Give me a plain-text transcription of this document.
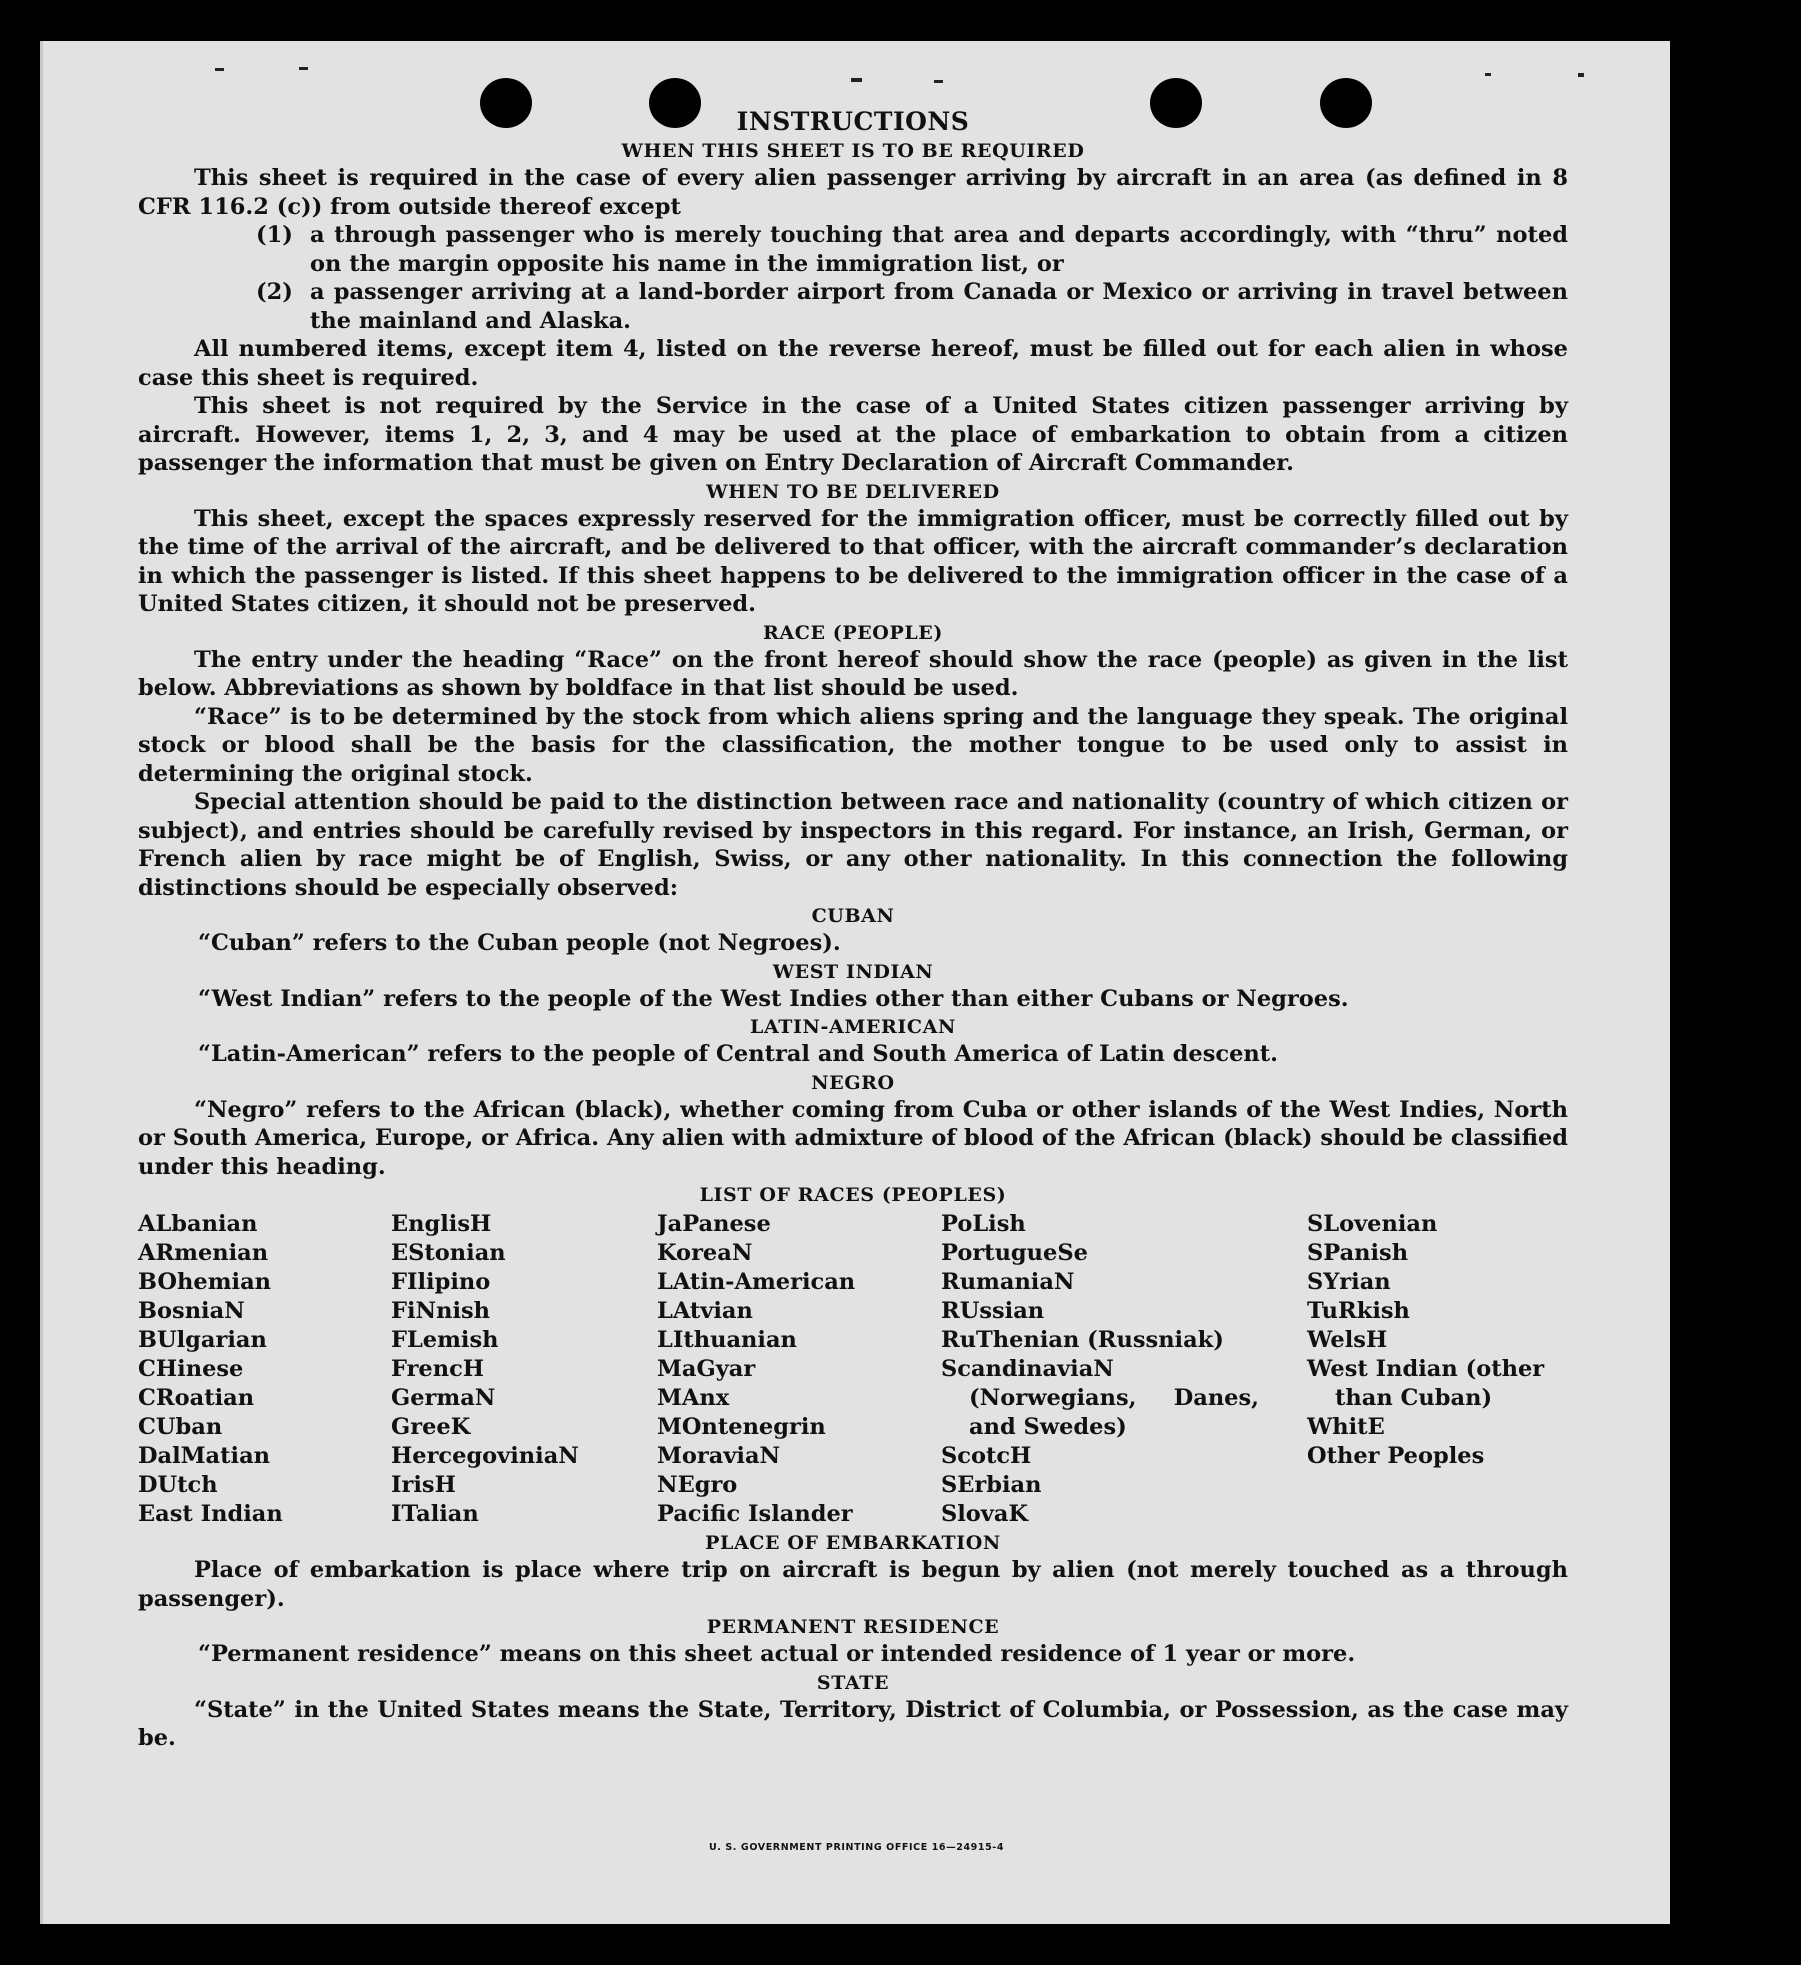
INSTRUCTIONS

WHEN THIS SHEET IS TO BE REQUIRED

This sheet is required in the case of every alien passenger arriving by aircraft in an area (as defined in 8 CFR 116.2 (c)) from outside thereof except

(1) a through passenger who is merely touching that area and departs accordingly, with “thru” noted on the margin opposite his name in the immigration list, or

(2) a passenger arriving at a land-border airport from Canada or Mexico or arriving in travel between the mainland and Alaska.

All numbered items, except item 4, listed on the reverse hereof, must be filled out for each alien in whose case this sheet is required.

This sheet is not required by the Service in the case of a United States citizen passenger arriving by aircraft. However, items 1, 2, 3, and 4 may be used at the place of embarkation to obtain from a citizen passenger the information that must be given on Entry Declaration of Aircraft Commander.

WHEN TO BE DELIVERED

This sheet, except the spaces expressly reserved for the immigration officer, must be correctly filled out by the time of the arrival of the aircraft, and be delivered to that officer, with the aircraft commander’s declaration in which the passenger is listed. If this sheet happens to be delivered to the immigration officer in the case of a United States citizen, it should not be preserved.

RACE (PEOPLE)

The entry under the heading “Race” on the front hereof should show the race (people) as given in the list below. Abbreviations as shown by boldface in that list should be used.

“Race” is to be determined by the stock from which aliens spring and the language they speak. The original stock or blood shall be the basis for the classification, the mother tongue to be used only to assist in determining the original stock.

Special attention should be paid to the distinction between race and nationality (country of which citizen or subject), and entries should be carefully revised by inspectors in this regard. For instance, an Irish, German, or French alien by race might be of English, Swiss, or any other nationality. In this connection the following distinctions should be especially observed:

CUBAN

“Cuban” refers to the Cuban people (not Negroes).

WEST INDIAN

“West Indian” refers to the people of the West Indies other than either Cubans or Negroes.

LATIN-AMERICAN

“Latin-American” refers to the people of Central and South America of Latin descent.

NEGRO

“Negro” refers to the African (black), whether coming from Cuba or other islands of the West Indies, North or South America, Europe, or Africa. Any alien with admixture of blood of the African (black) should be classified under this heading.

LIST OF RACES (PEOPLES)

ALbanian
ARmenian
BOhemian
BosniaN
BUlgarian
CHinese
CRoatian
CUban
DalMatian
DUtch
East Indian
EnglisH
EStonian
FIlipino
FiNnish
FLemish
FrencH
GermaN
GreeK
HercegoviniaN
IrisH
ITalian
JaPanese
KoreaN
LAtin-American
LAtvian
LIthuanian
MaGyar
MAnx
MOntenegrin
MoraviaN
NEgro
Pacific Islander
PoLish
PortugueSe
RumaniaN
RUssian
RuThenian (Russniak)
ScandinaviaN (Norwegians, Danes, and Swedes)
ScotcH
SErbian
SlovaK
SLovenian
SPanish
SYrian
TuRkish
WelsH
West Indian (other than Cuban)
WhitE
Other Peoples

PLACE OF EMBARKATION

Place of embarkation is place where trip on aircraft is begun by alien (not merely touched as a through passenger).

PERMANENT RESIDENCE

“Permanent residence” means on this sheet actual or intended residence of 1 year or more.

STATE

“State” in the United States means the State, Territory, District of Columbia, or Possession, as the case may be.

U. S. GOVERNMENT PRINTING OFFICE 16—24915-4
